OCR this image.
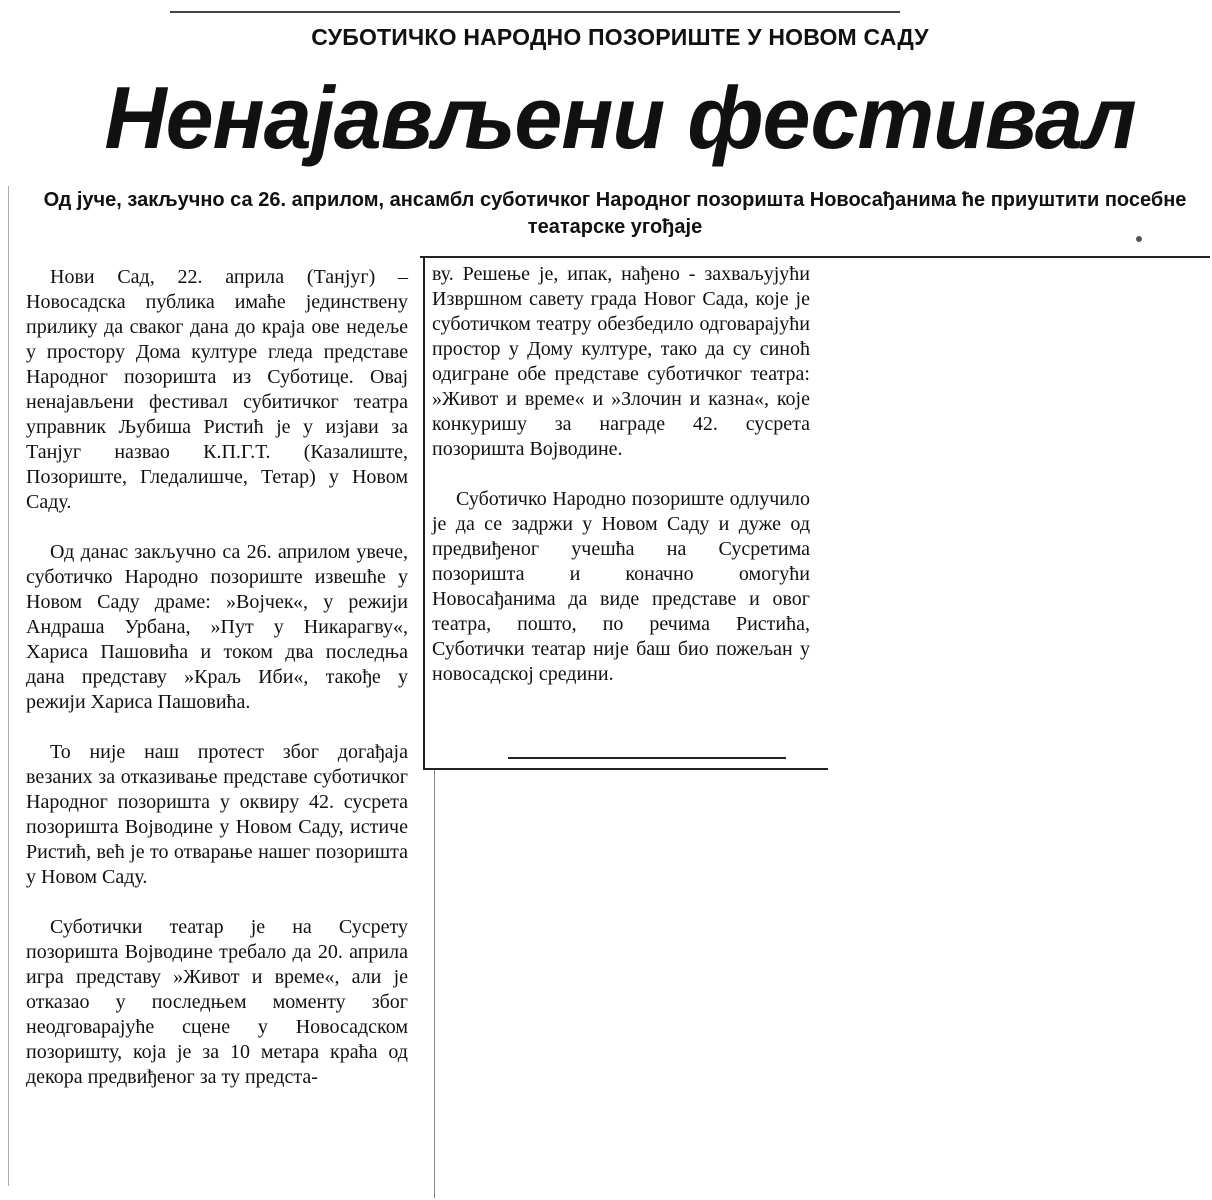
СУБОТИЧКО НАРОДНО ПОЗОРИШТЕ У НОВОМ САДУ
Ненајављени фестивал
Од јуче, закључно са 26. априлом, ансамбл суботичког Народног позоришта Новосађанима ће приуштити посебне театарске угођаје

Нови Сад, 22. априла (Танјуг) – Новосадска публика имаће јединствену прилику да сваког дана до краја ове недеље у простору Дома културе гледа представе Народног позоришта из Суботице. Овај ненајављени фестивал субитичког театра управник Љубиша Ристић је у изјави за Танјуг назвао К.П.Г.Т. (Казалиште, Позориште, Гледалишче, Тетар) у Новом Саду.

Од данас закључно са 26. априлом увече, суботичко Народно позориште извешће у Новом Саду драме: »Војчек«, у режији Андраша Урбана, »Пут у Никарагву«, Хариса Пашовића и током два последња дана представу »Краљ Иби«, такође у режији Хариса Пашовића.

То није наш протест због догађаја везаних за отказивање представе суботичког Народног позоришта у оквиру 42. сусрета позоришта Војводине у Новом Саду, истиче Ристић, већ је то отварање нашег позоришта у Новом Саду.

Суботички театар је на Сусрету позоришта Војводине требало да 20. априла игра представу »Живот и време«, али је отказао у последњем моменту због неодговарајуће сцене у Новосадском позоришту, која је за 10 метара краћа од декора предвиђеног за ту предста-

ву. Решење је, ипак, нађено - захваљујући Извршном савету града Новог Сада, које је суботичком театру обезбедило одговарајући простор у Дому културе, тако да су синоћ одигране обе представе суботичког театра: »Живот и време« и »Злочин и казна«, које конкуришу за награде 42. сусрета позоришта Војводине.

Суботичко Народно позориште одлучило је да се задржи у Новом Саду и дуже од предвиђеног учешћа на Сусретима позоришта и коначно омогући Новосађанима да виде представе и овог театра, пошто, по речима Ристића, Суботички театар није баш био пожељан у новосадској средини.
